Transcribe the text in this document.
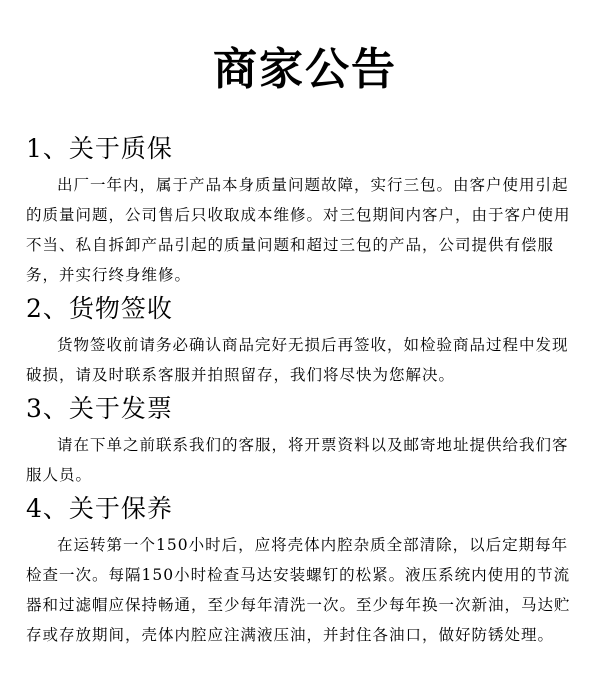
商家公告
1、关于质保

出厂一年内，属于产品本身质量问题故障，实行三包。由客户使用引起的质量问题，公司售后只收取成本维修。对三包期间内客户，由于客户使用不当、私自拆卸产品引起的质量问题和超过三包的产品，公司提供有偿服务，并实行终身维修。

2、货物签收

货物签收前请务必确认商品完好无损后再签收，如检验商品过程中发现破损，请及时联系客服并拍照留存，我们将尽快为您解决。

3、关于发票

请在下单之前联系我们的客服，将开票资料以及邮寄地址提供给我们客服人员。

4、关于保养

在运转第一个150小时后，应将壳体内腔杂质全部清除，以后定期每年检查一次。每隔150小时检查马达安装螺钉的松紧。液压系统内使用的节流器和过滤帽应保持畅通，至少每年清洗一次。至少每年换一次新油，马达贮存或存放期间，壳体内腔应注满液压油，并封住各油口，做好防锈处理。
